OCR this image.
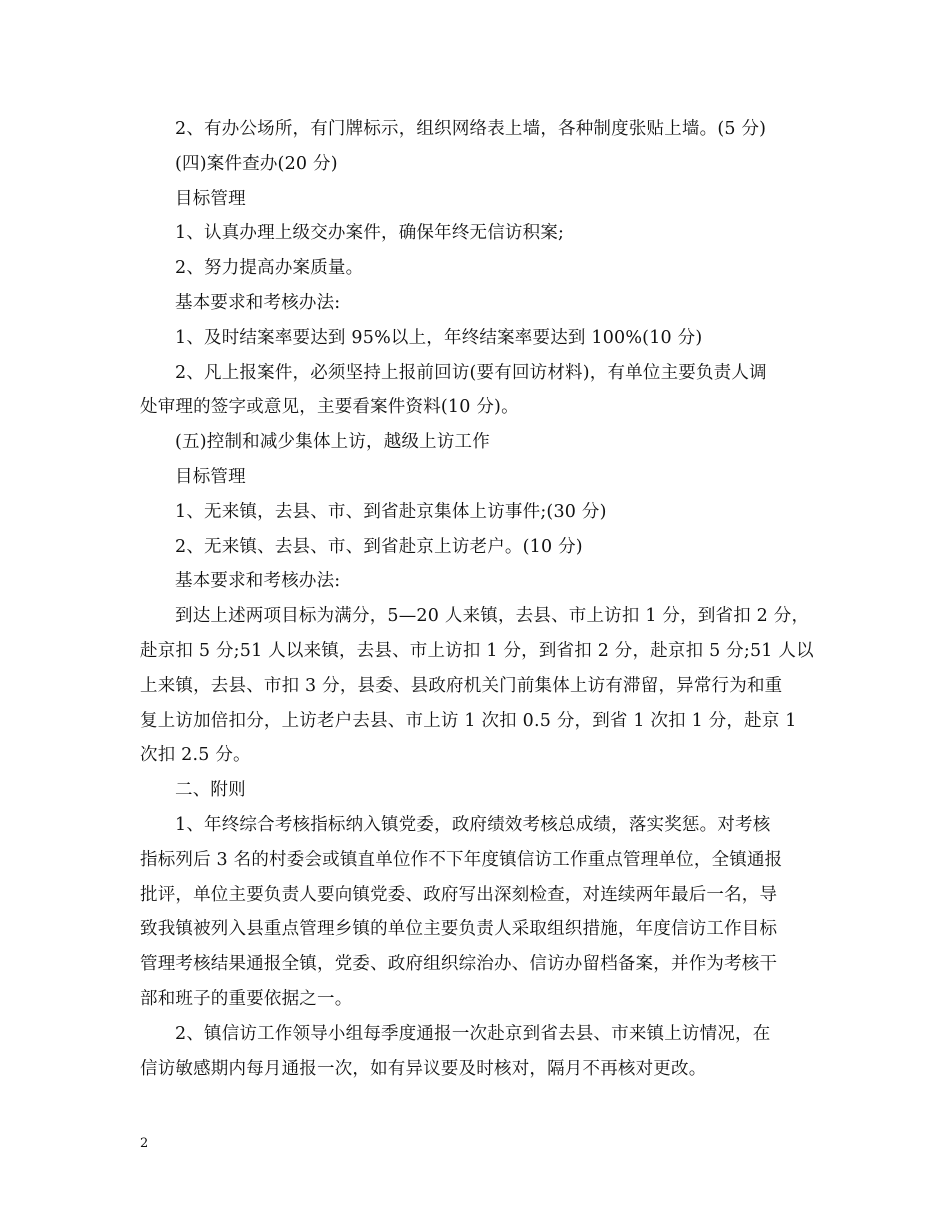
2、有办公场所，有门牌标示，组织网络表上墙，各种制度张贴上墙。(5 分)
(四)案件查办(20 分)
目标管理
1、认真办理上级交办案件，确保年终无信访积案;
2、努力提高办案质量。
基本要求和考核办法:
1、及时结案率要达到 95%以上，年终结案率要达到 100%(10 分)
2、凡上报案件，必须坚持上报前回访(要有回访材料)，有单位主要负责人调
处审理的签字或意见，主要看案件资料(10 分)。
(五)控制和减少集体上访，越级上访工作
目标管理
1、无来镇，去县、市、到省赴京集体上访事件;(30 分)
2、无来镇、去县、市、到省赴京上访老户。(10 分)
基本要求和考核办法:
到达上述两项目标为满分，5—20 人来镇，去县、市上访扣 1 分，到省扣 2 分，
赴京扣 5 分;51 人以来镇，去县、市上访扣 1 分，到省扣 2 分，赴京扣 5 分;51 人以
上来镇，去县、市扣 3 分，县委、县政府机关门前集体上访有滞留，异常行为和重
复上访加倍扣分，上访老户去县、市上访 1 次扣 0.5 分，到省 1 次扣 1 分，赴京 1
次扣 2.5 分。
二、附则
1、年终综合考核指标纳入镇党委，政府绩效考核总成绩，落实奖惩。对考核
指标列后 3 名的村委会或镇直单位作不下年度镇信访工作重点管理单位，全镇通报
批评，单位主要负责人要向镇党委、政府写出深刻检查，对连续两年最后一名，导
致我镇被列入县重点管理乡镇的单位主要负责人采取组织措施，年度信访工作目标
管理考核结果通报全镇，党委、政府组织综治办、信访办留档备案，并作为考核干
部和班子的重要依据之一。
2、镇信访工作领导小组每季度通报一次赴京到省去县、市来镇上访情况，在
信访敏感期内每月通报一次，如有异议要及时核对，隔月不再核对更改。
2
